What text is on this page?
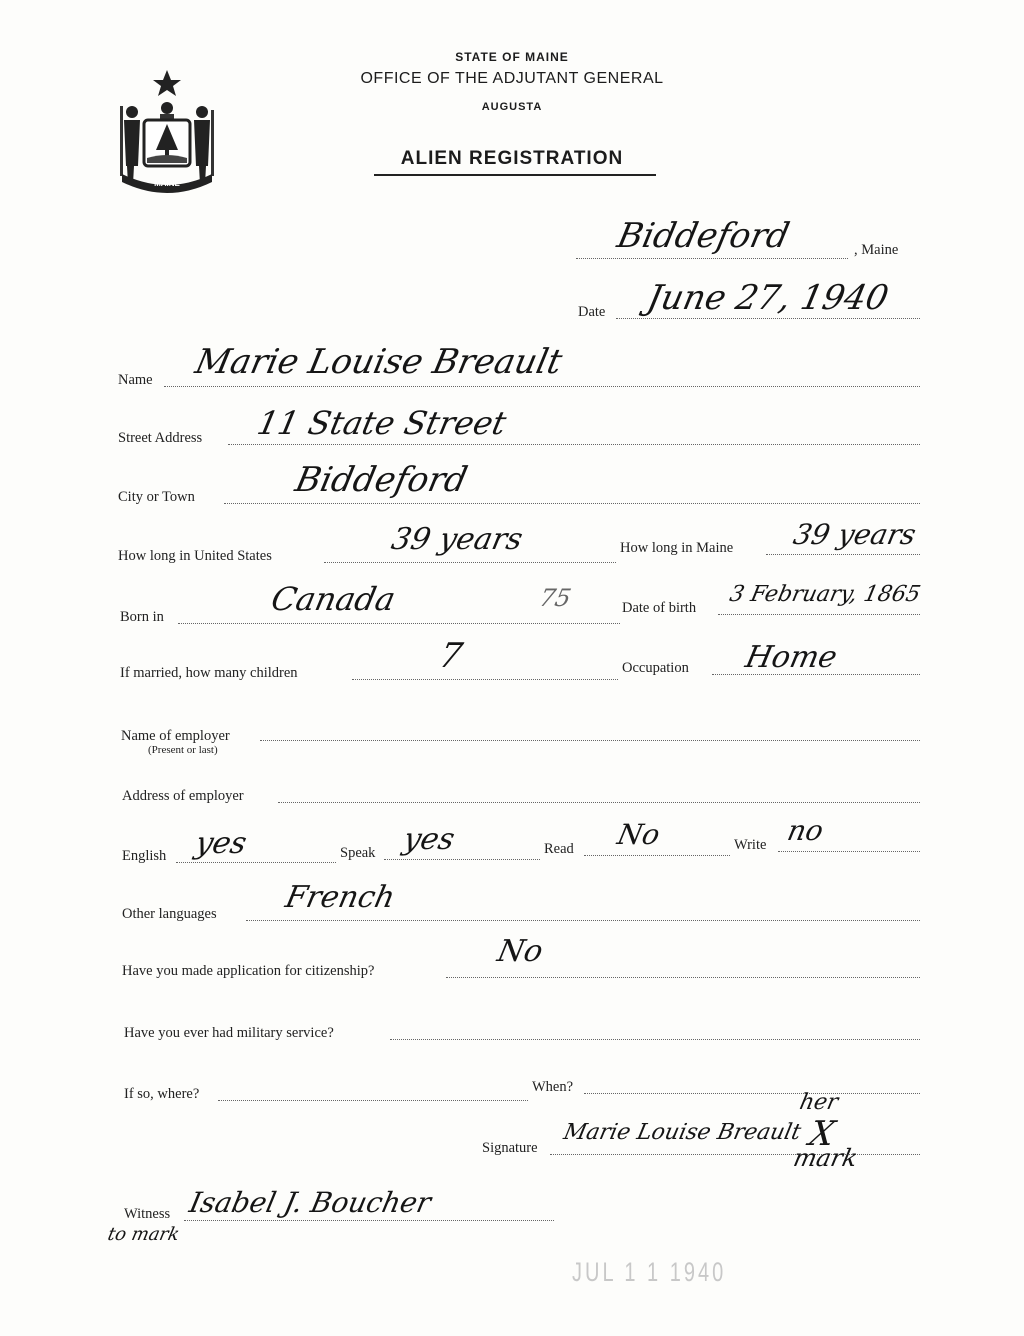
MAINE
STATE OF MAINE
OFFICE OF THE ADJUTANT GENERAL
AUGUSTA
ALIEN REGISTRATION
Biddeford	, Maine
Date June 27, 1940
Name Marie Louise Breault
Street Address 11 State Street
City or Town	Biddeford
How long in United States	39 years	How long in Maine 39 years
Born in	Canada	75	Date of birth
3 February, 1865
If married, how many children	7	Occupation Home
Name of employer
(Present or last)
Address of employer
English yes	Speak yes	Read No	Write no
Other languages French
Have you made application for citizenship?
No
Have you ever had military service?
If so, where?	When?
Signature
Marie Louise Breault
her
X
mark
Witness Isabel J. Boucher
to mark
JUL 1 1 1940
